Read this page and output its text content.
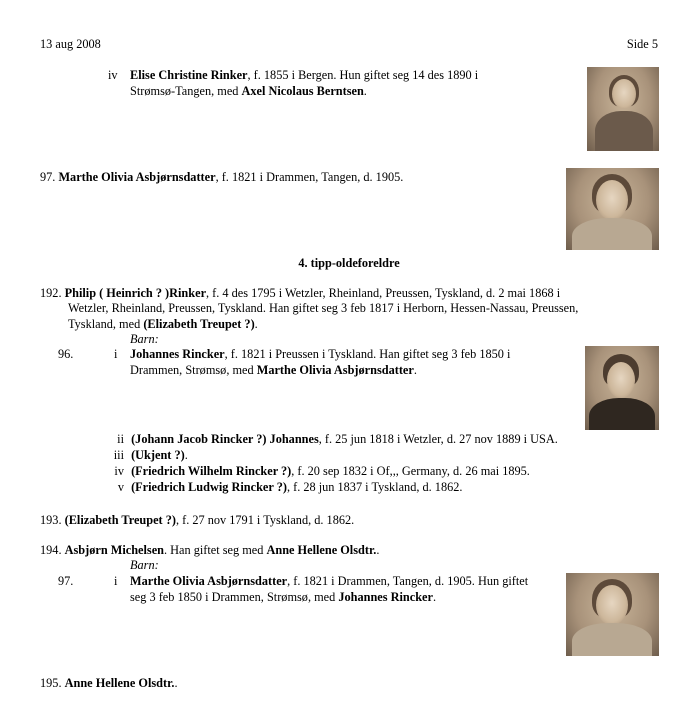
13 aug 2008	Side 5
iv Elise Christine Rinker, f. 1855 i Bergen. Hun giftet seg 14 des 1890 i
Strømsø-Tangen, med Axel Nicolaus Berntsen.
97. Marthe Olivia Asbjørnsdatter, f. 1821 i Drammen, Tangen, d. 1905.
4. tipp-oldeforeldre
192. Philip ( Heinrich ? )Rinker, f. 4 des 1795 i Wetzler, Rheinland, Preussen, Tyskland, d. 2 mai 1868 i
Wetzler, Rheinland, Preussen, Tyskland. Han giftet seg 3 feb 1817 i Herborn, Hessen-Nassau, Preussen,
Tyskland, med (Elizabeth Treupet ?).
Barn:
96.	i Johannes Rincker, f. 1821 i Preussen i Tyskland. Han giftet seg 3 feb 1850 i
Drammen, Strømsø, med Marthe Olivia Asbjørnsdatter.
ii (Johann Jacob Rincker ?) Johannes, f. 25 jun 1818 i Wetzler, d. 27 nov 1889 i USA.
iii (Ukjent ?).
iv (Friedrich Wilhelm Rincker ?), f. 20 sep 1832 i Of,,, Germany, d. 26 mai 1895.
v (Friedrich Ludwig Rincker ?), f. 28 jun 1837 i Tyskland, d. 1862.
193. (Elizabeth Treupet ?), f. 27 nov 1791 i Tyskland, d. 1862.
194. Asbjørn Michelsen. Han giftet seg med Anne Hellene Olsdtr..
Barn:
97.	i Marthe Olivia Asbjørnsdatter, f. 1821 i Drammen, Tangen, d. 1905. Hun giftet
seg 3 feb 1850 i Drammen, Strømsø, med Johannes Rincker.
195. Anne Hellene Olsdtr..
